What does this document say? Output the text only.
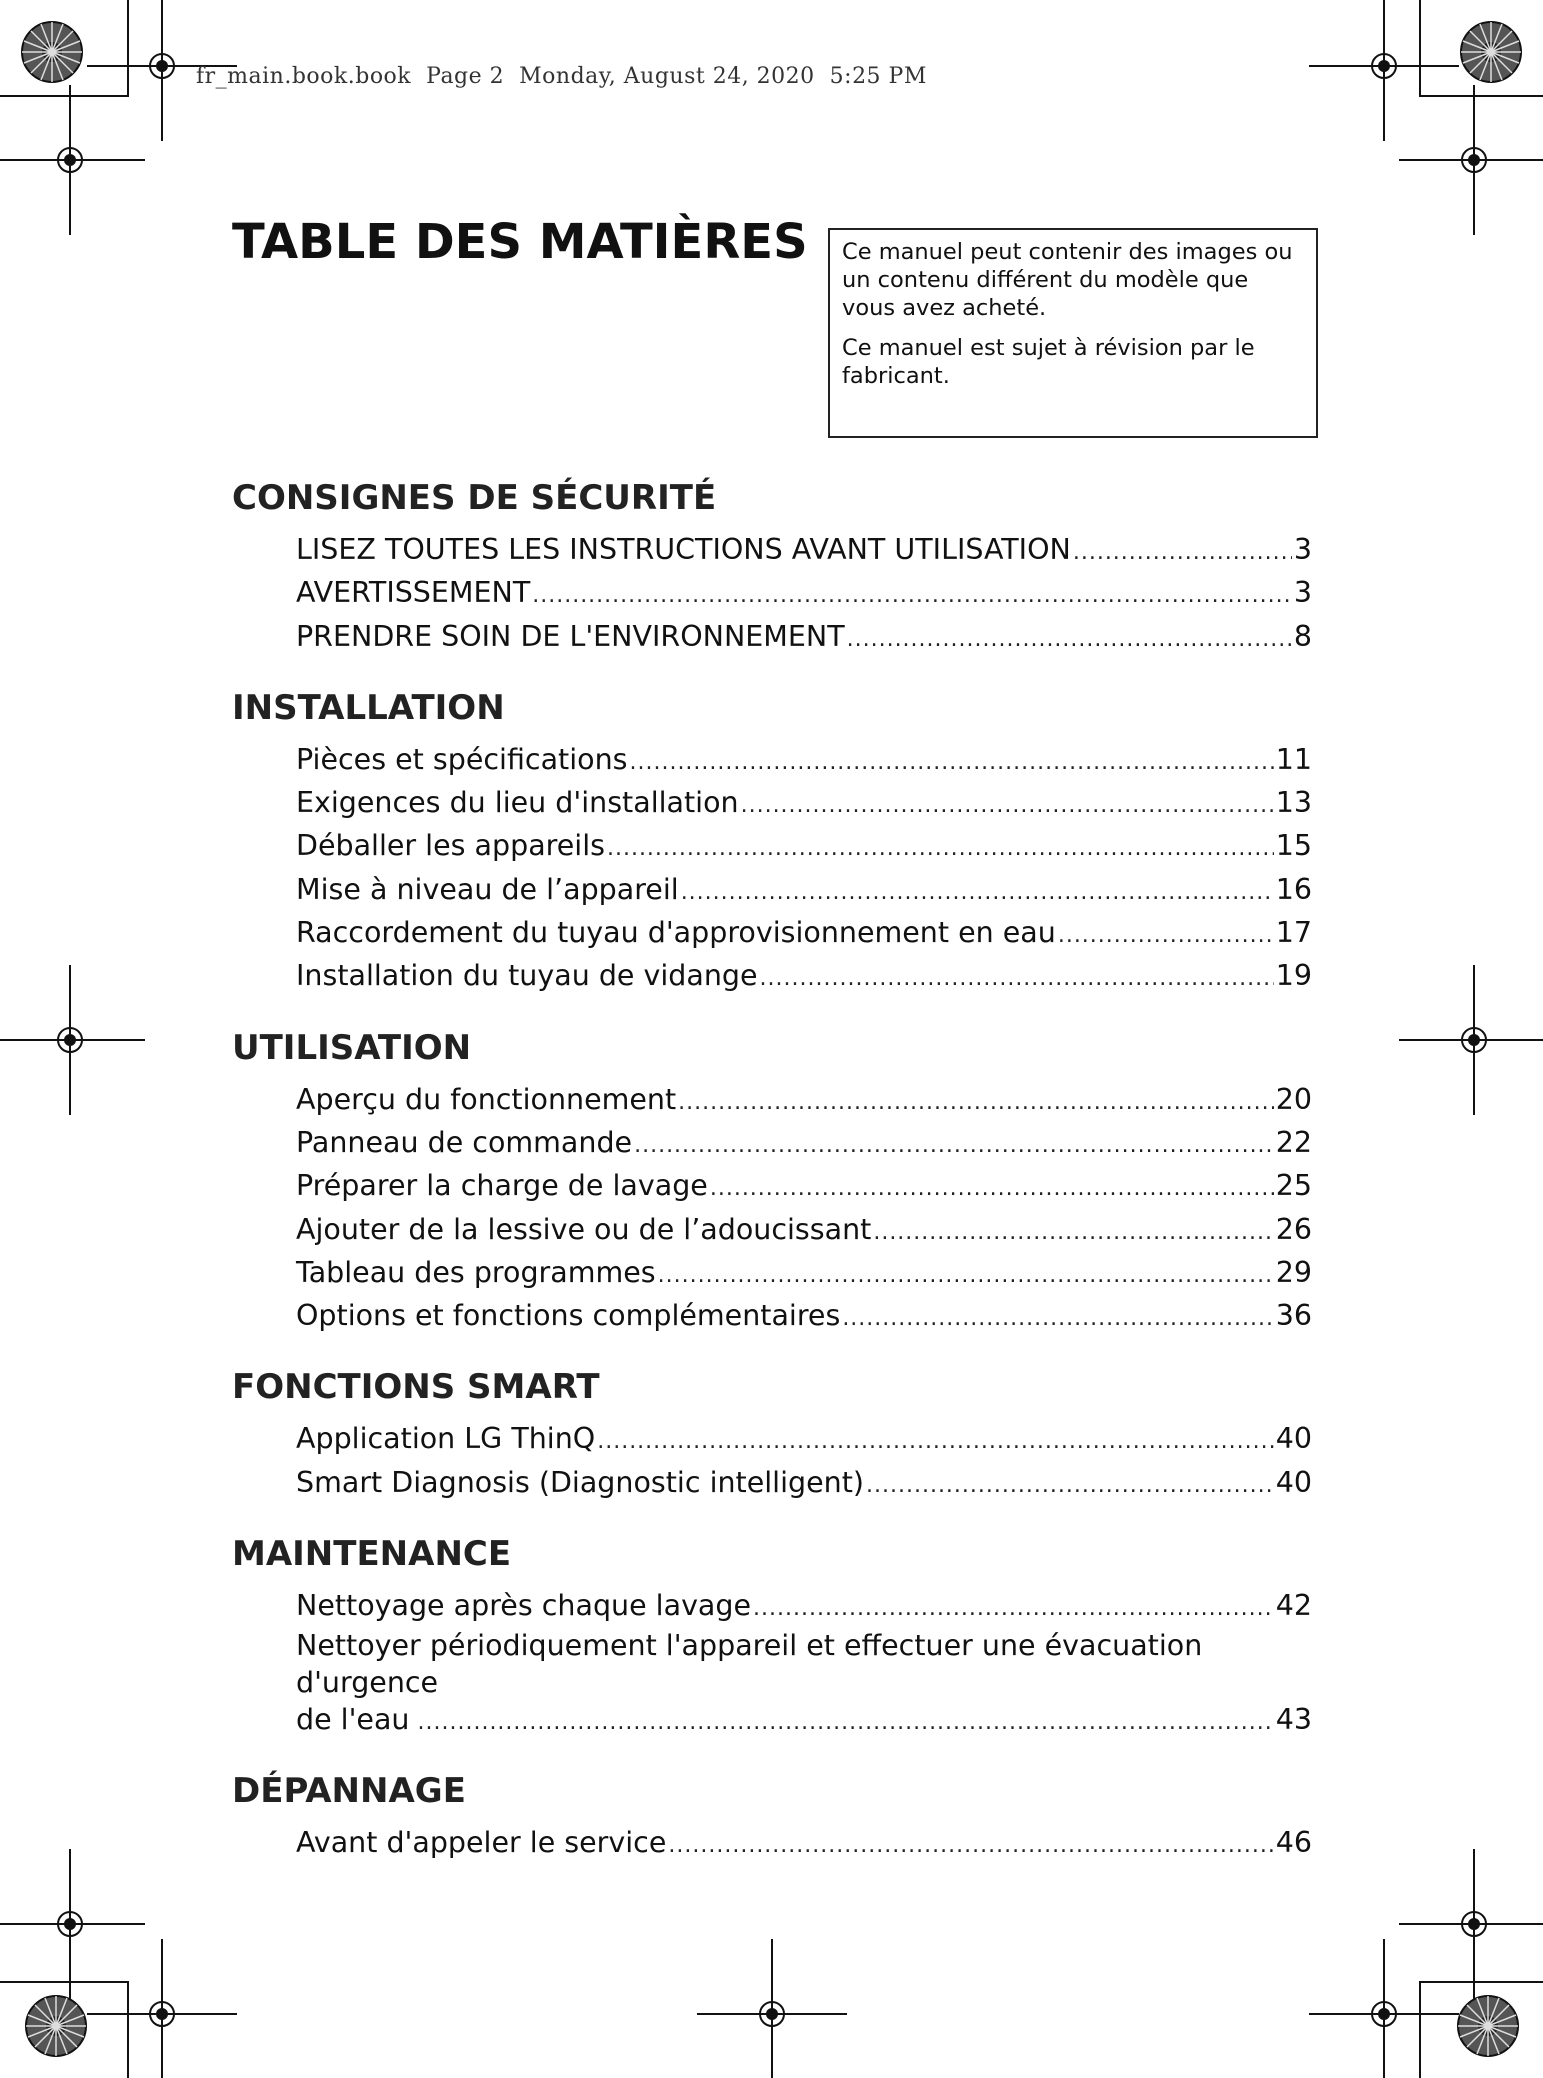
fr_main.book.book  Page 2  Monday, August 24, 2020  5:25 PM
TABLE DES MATIÈRES Ce manuel peut contenir des images ou un contenu différent du modèle que vous avez acheté.

Ce manuel est sujet à révision par le fabricant.

CONSIGNES DE SÉCURITÉ
LISEZ TOUTES LES INSTRUCTIONS AVANT UTILISATION .....	3
AVERTISSEMENT .....	3
PRENDRE SOIN DE L'ENVIRONNEMENT .....	8
INSTALLATION
Pièces et spécifications .....	11
Exigences du lieu d'installation .....	13
Déballer les appareils .....	15
Mise à niveau de l’appareil .....	16
Raccordement du tuyau d'approvisionnement en eau .....	17
Installation du tuyau de vidange .....	19
UTILISATION
Aperçu du fonctionnement .....	20
Panneau de commande .....	22
Préparer la charge de lavage .....	25
Ajouter de la lessive ou de l’adoucissant .....	26
Tableau des programmes .....	29
Options et fonctions complémentaires .....	36
FONCTIONS SMART
Application LG ThinQ .....	40
Smart Diagnosis (Diagnostic intelligent) .....	40
MAINTENANCE
Nettoyage après chaque lavage .....	42
Nettoyer périodiquement l'appareil et effectuer une évacuation d'urgence
de l'eau .....	43
DÉPANNAGE
Avant d'appeler le service .....	46
